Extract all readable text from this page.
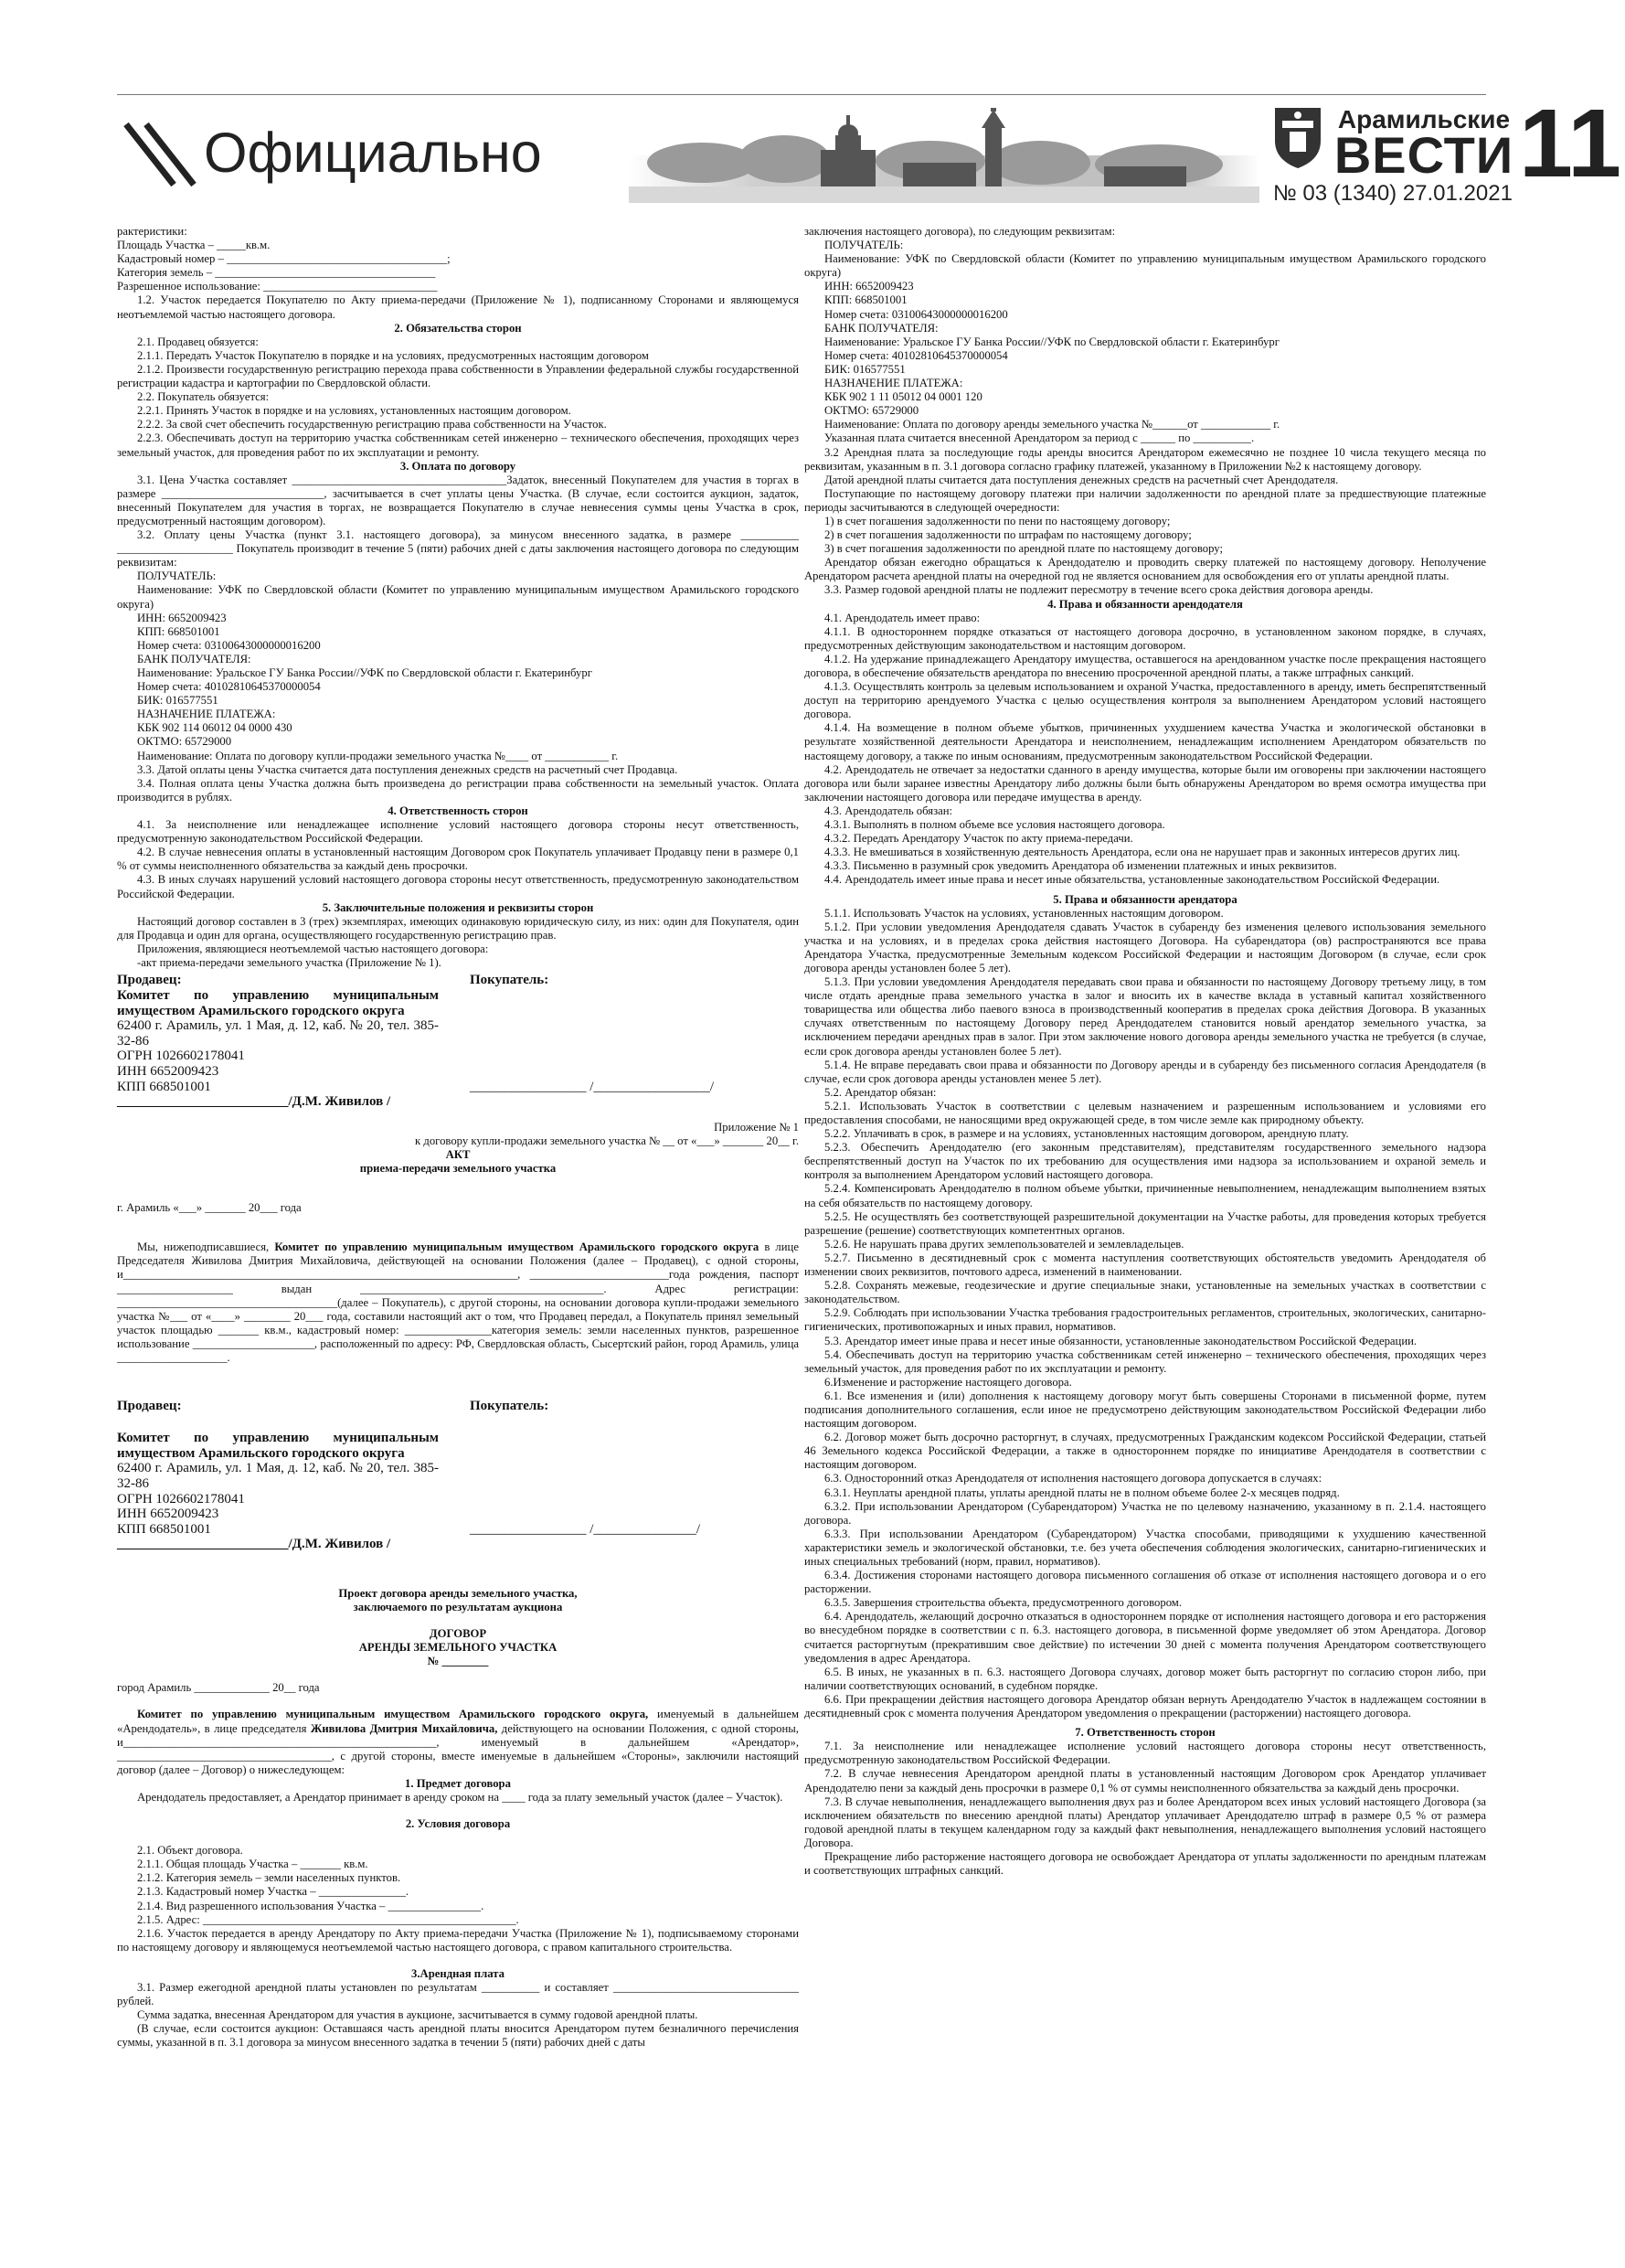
Официально
Арамильские
ВЕСТИ 11
№ 03 (1340) 27.01.2021

рактеристики:

Площадь Участка – _____кв.м.

Кадастровый номер – ______________________________________;

Категория земель – ______________________________________

Разрешенное использование: ______________________________

1.2. Участок передается Покупателю по Акту приема-передачи (Приложение № 1), подписанному Сторонами и являющемуся неотъемлемой частью настоящего договора.

2. Обязательства сторон

2.1. Продавец обязуется:

2.1.1. Передать Участок Покупателю в порядке и на условиях, предусмотренных настоящим договором

2.1.2. Произвести государственную регистрацию перехода права собственности в Управлении федеральной службы государственной регистрации кадастра и картографии по Свердловской области.

2.2. Покупатель обязуется:

2.2.1. Принять Участок в порядке и на условиях, установленных настоящим договором.

2.2.2. За свой счет обеспечить государственную регистрацию права собственности на Участок.

2.2.3. Обеспечивать доступ на территорию участка собственникам сетей инженерно – технического обеспечения, проходящих через земельный участок, для проведения работ по их эксплуатации и ремонту.

3. Оплата по договору

3.1. Цена Участка составляет _____________________________________Задаток, внесенный Покупателем для участия в торгах в размере ____________________________, засчитывается в счет уплаты цены Участка. (В случае, если состоится аукцион, задаток, внесенный Покупателем для участия в торгах, не возвращается Покупателю в случае невнесения суммы цены Участка в срок, предусмотренный настоящим договором).

3.2. Оплату цены Участка (пункт 3.1. настоящего договора), за минусом внесенного задатка, в размере __________ ____________________ Покупатель производит в течение 5 (пяти) рабочих дней с даты заключения настоящего договора по следующим реквизитам:

ПОЛУЧАТЕЛЬ:

Наименование: УФК по Свердловской области (Комитет по управлению муниципальным имуществом Арамильского городского округа)

ИНН: 6652009423

КПП: 668501001

Номер счета: 03100643000000016200

БАНК ПОЛУЧАТЕЛЯ:

Наименование: Уральское ГУ Банка России//УФК по Свердловской области г. Екатеринбург

Номер счета: 40102810645370000054

БИК: 016577551

НАЗНАЧЕНИЕ ПЛАТЕЖА:

КБК 902 114 06012 04 0000 430

ОКТМО: 65729000

Наименование: Оплата по договору купли-продажи земельного участка №____ от ___________ г.

3.3. Датой оплаты цены Участка считается дата поступления денежных средств на расчетный счет Продавца.

3.4. Полная оплата цены Участка должна быть произведена до регистрации права собственности на земельный участок. Оплата производится в рублях.

4. Ответственность сторон

4.1. За неисполнение или ненадлежащее исполнение условий настоящего договора стороны несут ответственность, предусмотренную законодательством Российской Федерации.

4.2. В случае невнесения оплаты в установленный настоящим Договором срок Покупатель уплачивает Продавцу пени в размере 0,1 % от суммы неисполненного обязательства за каждый день просрочки.

4.3. В иных случаях нарушений условий настоящего договора стороны несут ответственность, предусмотренную законодательством Российской Федерации.

5. Заключительные положения и реквизиты сторон

Настоящий договор составлен в 3 (трех) экземплярах, имеющих одинаковую юридическую силу, из них: один для Покупателя, один для Продавца и один для органа, осуществляющего государственную регистрацию прав.

Приложения, являющиеся неотъемлемой частью настоящего договора:

-акт приема-передачи земельного участка (Приложение № 1).

Продавец:
Комитет по управлению муниципальным имуществом Арамильского городского округа
62400 г. Арамиль, ул. 1 Мая, д. 12, каб. № 20, тел. 385-32-86
ОГРН 1026602178041
ИНН 6652009423
КПП 668501001
_________________________/Д.М. Живилов /
Покупатель:
_________________ /_________________/

Приложение № 1

к договору купли-продажи земельного участка № __ от «___» _______ 20__ г.

АКТ

приема-передачи земельного участка

г. Арамиль «___» _______ 20___ года

Мы, нижеподписавшиеся, Комитет по управлению муниципальным имуществом Арамильского городского округа в лице Председателя Живилова Дмитрия Михайловича, действующей на основании Положения (далее – Продавец), с одной стороны, и____________________________________________________________________, ________________________года рождения, паспорт ____________________ выдан __________________________________________. Адрес регистрации: ______________________________________(далее – Покупатель), с другой стороны, на основании договора купли-продажи земельного участка №___ от «____» ________ 20___ года, составили настоящий акт о том, что Продавец передал, а Покупатель принял земельный участок площадью _______ кв.м., кадастровый номер: _______________категория земель: земли населенных пунктов, разрешенное использование _____________________, расположенный по адресу: РФ, Свердловская область, Сысертский район, город Арамиль, улица ___________________.

Продавец:
Комитет по управлению муниципальным имуществом Арамильского городского округа
62400 г. Арамиль, ул. 1 Мая, д. 12, каб. № 20, тел. 385-32-86
ОГРН 1026602178041
ИНН 6652009423
КПП 668501001
_________________________/Д.М. Живилов /
Покупатель:
_________________ /_______________/

Проект договора аренды земельного участка,

заключаемого по результатам аукциона

ДОГОВОР

АРЕНДЫ ЗЕМЕЛЬНОГО УЧАСТКА

№ ________

город Арамиль _____________ 20__ года

Комитет по управлению муниципальным имуществом Арамильского городского округа, именуемый в дальнейшем «Арендодатель», в лице председателя Живилова Дмитрия Михайловича, действующего на основании Положения, с одной стороны, и______________________________________________________, именуемый в дальнейшем «Арендатор», _____________________________________, с другой стороны, вместе именуемые в дальнейшем «Стороны», заключили настоящий договор (далее – Договор) о нижеследующем:

1. Предмет договора

Арендодатель предоставляет, а Арендатор принимает в аренду сроком на ____ года за плату земельный участок (далее – Участок).

2. Условия договора

2.1. Объект договора.

2.1.1. Общая площадь Участка – _______ кв.м.

2.1.2. Категория земель – земли населенных пунктов.

2.1.3. Кадастровый номер Участка – _______________.

2.1.4. Вид разрешенного использования Участка – ________________.

2.1.5. Адрес: ______________________________________________________.

2.1.6. Участок передается в аренду Арендатору по Акту приема-передачи Участка (Приложение № 1), подписываемому сторонами по настоящему договору и являющемуся неотъемлемой частью настоящего договора, с правом капитального строительства.

3.Арендная плата

3.1. Размер ежегодной арендной платы установлен по результатам __________ и составляет ________________________________ рублей.

Сумма задатка, внесенная Арендатором для участия в аукционе, засчитывается в сумму годовой арендной платы.

(В случае, если состоится аукцион: Оставшаяся часть арендной платы вносится Арендатором путем безналичного перечисления суммы, указанной в п. 3.1 договора за минусом внесенного задатка в течении 5 (пяти) рабочих дней с даты

заключения настоящего договора), по следующим реквизитам:

ПОЛУЧАТЕЛЬ:

Наименование: УФК по Свердловской области (Комитет по управлению муниципальным имуществом Арамильского городского округа)

ИНН: 6652009423

КПП: 668501001

Номер счета: 03100643000000016200

БАНК ПОЛУЧАТЕЛЯ:

Наименование: Уральское ГУ Банка России//УФК по Свердловской области г. Екатеринбург

Номер счета: 40102810645370000054

БИК: 016577551

НАЗНАЧЕНИЕ ПЛАТЕЖА:

КБК 902 1 11 05012 04 0001 120

ОКТМО: 65729000

Наименование: Оплата по договору аренды земельного участка №______от ____________ г.

Указанная плата считается внесенной Арендатором за период с ______ по __________.

3.2 Арендная плата за последующие годы аренды вносится Арендатором ежемесячно не позднее 10 числа текущего месяца по реквизитам, указанным в п. 3.1 договора согласно графику платежей, указанному в Приложении №2 к настоящему договору.

Датой арендной платы считается дата поступления денежных средств на расчетный счет Арендодателя.

Поступающие по настоящему договору платежи при наличии задолженности по арендной плате за предшествующие платежные периоды засчитываются в следующей очередности:

1) в счет погашения задолженности по пени по настоящему договору;

2) в счет погашения задолженности по штрафам по настоящему договору;

3) в счет погашения задолженности по арендной плате по настоящему договору;

Арендатор обязан ежегодно обращаться к Арендодателю и проводить сверку платежей по настоящему договору. Неполучение Арендатором расчета арендной платы на очередной год не является основанием для освобождения его от уплаты арендной платы.

3.3. Размер годовой арендной платы не подлежит пересмотру в течение всего срока действия договора аренды.

4. Права и обязанности арендодателя

4.1. Арендодатель имеет право:

4.1.1. В одностороннем порядке отказаться от настоящего договора досрочно, в установленном законом порядке, в случаях, предусмотренных действующим законодательством и настоящим договором.

4.1.2. На удержание принадлежащего Арендатору имущества, оставшегося на арендованном участке после прекращения настоящего договора, в обеспечение обязательств арендатора по внесению просроченной арендной платы, а также штрафных санкций.

4.1.3. Осуществлять контроль за целевым использованием и охраной Участка, предоставленного в аренду, иметь беспрепятственный доступ на территорию арендуемого Участка с целью осуществления контроля за выполнением Арендатором условий настоящего договора.

4.1.4. На возмещение в полном объеме убытков, причиненных ухудшением качества Участка и экологической обстановки в результате хозяйственной деятельности Арендатора и неисполнением, ненадлежащим исполнением Арендатором обязательств по настоящему договору, а также по иным основаниям, предусмотренным законодательством Российской Федерации.

4.2. Арендодатель не отвечает за недостатки сданного в аренду имущества, которые были им оговорены при заключении настоящего договора или были заранее известны Арендатору либо должны были быть обнаружены Арендатором во время осмотра имущества при заключении настоящего договора или передаче имущества в аренду.

4.3. Арендодатель обязан:

4.3.1. Выполнять в полном объеме все условия настоящего договора.

4.3.2. Передать Арендатору Участок по акту приема-передачи.

4.3.3. Не вмешиваться в хозяйственную деятельность Арендатора, если она не нарушает прав и законных интересов других лиц.

4.3.3. Письменно в разумный срок уведомить Арендатора об изменении платежных и иных реквизитов.

4.4. Арендодатель имеет иные права и несет иные обязательства, установленные законодательством Российской Федерации.

5. Права и обязанности арендатора

5.1.1. Использовать Участок на условиях, установленных настоящим договором.

5.1.2. При условии уведомления Арендодателя сдавать Участок в субаренду без изменения целевого использования земельного участка и на условиях, и в пределах срока действия настоящего Договора. На субарендатора (ов) распространяются все права Арендатора Участка, предусмотренные Земельным кодексом Российской Федерации и настоящим Договором (в случае, если срок договора аренды установлен более 5 лет).

5.1.3. При условии уведомления Арендодателя передавать свои права и обязанности по настоящему Договору третьему лицу, в том числе отдать арендные права земельного участка в залог и вносить их в качестве вклада в уставный капитал хозяйственного товарищества или общества либо паевого взноса в производственный кооператив в пределах срока действия Договора. В указанных случаях ответственным по настоящему Договору перед Арендодателем становится новый арендатор земельного участка, за исключением передачи арендных прав в залог. При этом заключение нового договора аренды земельного участка не требуется (в случае, если срок договора аренды установлен более 5 лет).

5.1.4. Не вправе передавать свои права и обязанности по Договору аренды и в субаренду без письменного согласия Арендодателя (в случае, если срок договора аренды установлен менее 5 лет).

5.2. Арендатор обязан:

5.2.1. Использовать Участок в соответствии с целевым назначением и разрешенным использованием и условиями его предоставления способами, не наносящими вред окружающей среде, в том числе земле как природному объекту.

5.2.2. Уплачивать в срок, в размере и на условиях, установленных настоящим договором, арендную плату.

5.2.3. Обеспечить Арендодателю (его законным представителям), представителям государственного земельного надзора беспрепятственный доступ на Участок по их требованию для осуществления ими надзора за использованием и охраной земель и контроля за выполнением Арендатором условий настоящего договора.

5.2.4. Компенсировать Арендодателю в полном объеме убытки, причиненные невыполнением, ненадлежащим выполнением взятых на себя обязательств по настоящему договору.

5.2.5. Не осуществлять без соответствующей разрешительной документации на Участке работы, для проведения которых требуется разрешение (решение) соответствующих компетентных органов.

5.2.6. Не нарушать права других землепользователей и землевладельцев.

5.2.7. Письменно в десятидневный срок с момента наступления соответствующих обстоятельств уведомить Арендодателя об изменении своих реквизитов, почтового адреса, изменений в наименовании.

5.2.8. Сохранять межевые, геодезические и другие специальные знаки, установленные на земельных участках в соответствии с законодательством.

5.2.9. Соблюдать при использовании Участка требования градостроительных регламентов, строительных, экологических, санитарно-гигиенических, противопожарных и иных правил, нормативов.

5.3. Арендатор имеет иные права и несет иные обязанности, установленные законодательством Российской Федерации.

5.4. Обеспечивать доступ на территорию участка собственникам сетей инженерно – технического обеспечения, проходящих через земельный участок, для проведения работ по их эксплуатации и ремонту.

6.Изменение и расторжение настоящего договора.

6.1. Все изменения и (или) дополнения к настоящему договору могут быть совершены Сторонами в письменной форме, путем подписания дополнительного соглашения, если иное не предусмотрено действующим законодательством Российской Федерации либо настоящим договором.

6.2. Договор может быть досрочно расторгнут, в случаях, предусмотренных Гражданским кодексом Российской Федерации, статьей 46 Земельного кодекса Российской Федерации, а также в одностороннем порядке по инициативе Арендодателя в соответствии с настоящим договором.

6.3. Односторонний отказ Арендодателя от исполнения настоящего договора допускается в случаях:

6.3.1. Неуплаты арендной платы, уплаты арендной платы не в полном объеме более 2-х месяцев подряд.

6.3.2. При использовании Арендатором (Субарендатором) Участка не по целевому назначению, указанному в п. 2.1.4. настоящего договора.

6.3.3. При использовании Арендатором (Субарендатором) Участка способами, приводящими к ухудшению качественной характеристики земель и экологической обстановки, т.е. без учета обеспечения соблюдения экологических, санитарно-гигиенических и иных специальных требований (норм, правил, нормативов).

6.3.4. Достижения сторонами настоящего договора письменного соглашения об отказе от исполнения настоящего договора и о его расторжении.

6.3.5. Завершения строительства объекта, предусмотренного договором.

6.4. Арендодатель, желающий досрочно отказаться в одностороннем порядке от исполнения настоящего договора и его расторжения во внесудебном порядке в соответствии с п. 6.3. настоящего договора, в письменной форме уведомляет об этом Арендатора. Договор считается расторгнутым (прекратившим свое действие) по истечении 30 дней с момента получения Арендатором соответствующего уведомления в адрес Арендатора.

6.5. В иных, не указанных в п. 6.3. настоящего Договора случаях, договор может быть расторгнут по согласию сторон либо, при наличии соответствующих оснований, в судебном порядке.

6.6. При прекращении действия настоящего договора Арендатор обязан вернуть Арендодателю Участок в надлежащем состоянии в десятидневный срок с момента получения Арендатором уведомления о прекращении (расторжении) настоящего договора.

7. Ответственность сторон

7.1. За неисполнение или ненадлежащее исполнение условий настоящего договора стороны несут ответственность, предусмотренную законодательством Российской Федерации.

7.2. В случае невнесения Арендатором арендной платы в установленный настоящим Договором срок Арендатор уплачивает Арендодателю пени за каждый день просрочки в размере 0,1 % от суммы неисполненного обязательства за каждый день просрочки.

7.3. В случае невыполнения, ненадлежащего выполнения двух раз и более Арендатором всех иных условий настоящего Договора (за исключением обязательств по внесению арендной платы) Арендатор уплачивает Арендодателю штраф в размере 0,5 % от размера годовой арендной платы в текущем календарном году за каждый факт невыполнения, ненадлежащего выполнения условий настоящего Договора.

Прекращение либо расторжение настоящего договора не освобождает Арендатора от уплаты задолженности по арендным платежам и соответствующих штрафных санкций.
